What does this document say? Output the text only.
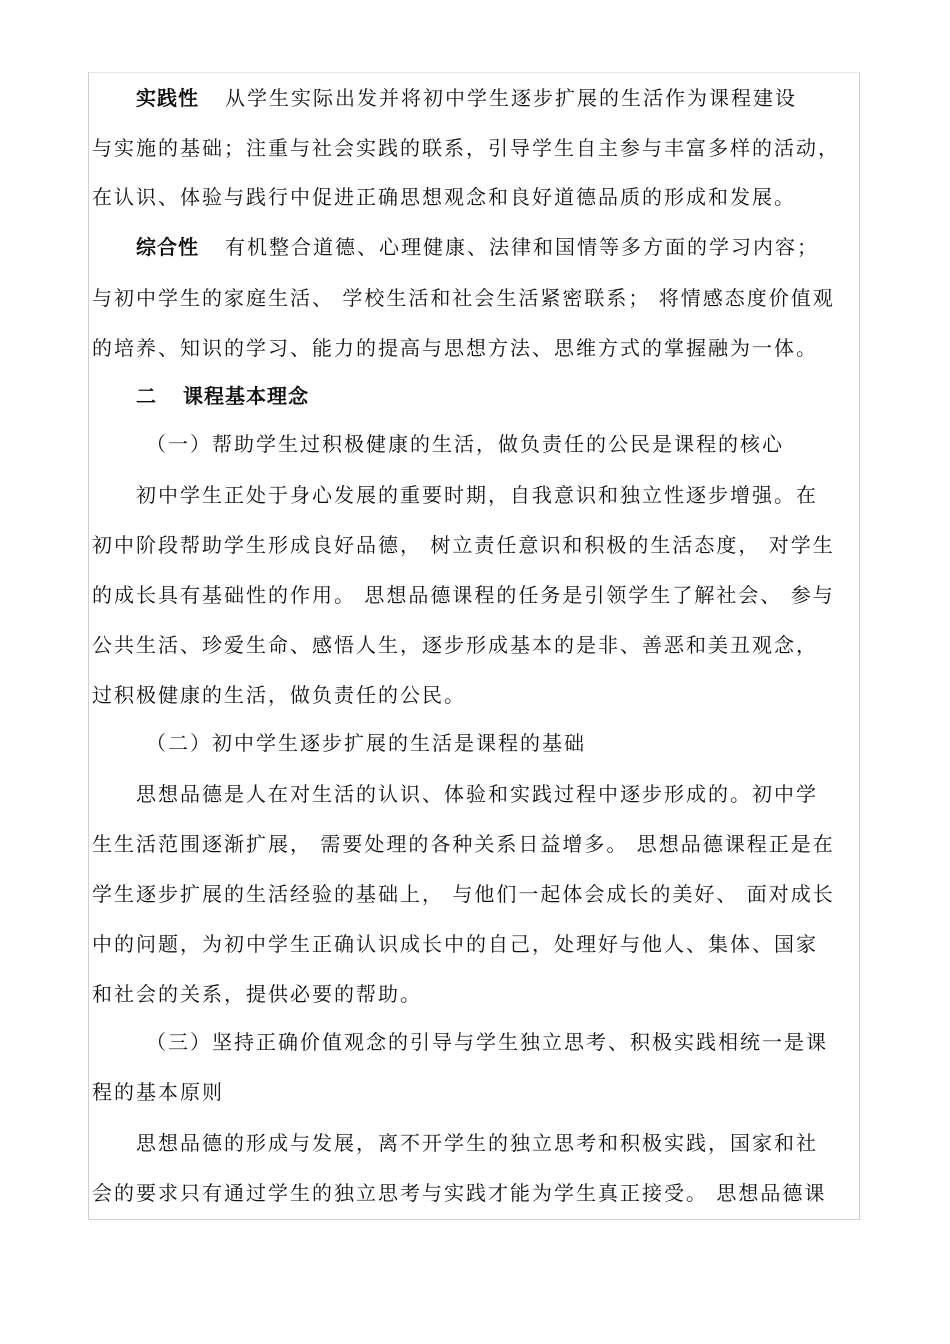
实践性 从学生实际出发并将初中学生逐步扩展的生活作为课程建设
与实施的基础；注重与社会实践的联系，引导学生自主参与丰富多样的活动，
在认识、体验与践行中促进正确思想观念和良好道德品质的形成和发展。
综合性 有机整合道德、心理健康、法律和国情等多方面的学习内容；
与初中学生的家庭生活、 学校生活和社会生活紧密联系； 将情感态度价值观
的培养、知识的学习、能力的提高与思想方法、思维方式的掌握融为一体。
二 课程基本理念
（一）帮助学生过积极健康的生活，做负责任的公民是课程的核心
初中学生正处于身心发展的重要时期，自我意识和独立性逐步增强。在
初中阶段帮助学生形成良好品德， 树立责任意识和积极的生活态度， 对学生
的成长具有基础性的作用。 思想品德课程的任务是引领学生了解社会、 参与
公共生活、珍爱生命、感悟人生，逐步形成基本的是非、善恶和美丑观念，
过积极健康的生活，做负责任的公民。
（二）初中学生逐步扩展的生活是课程的基础
思想品德是人在对生活的认识、体验和实践过程中逐步形成的。初中学
生生活范围逐渐扩展， 需要处理的各种关系日益增多。 思想品德课程正是在
学生逐步扩展的生活经验的基础上， 与他们一起体会成长的美好、 面对成长
中的问题，为初中学生正确认识成长中的自己，处理好与他人、集体、国家
和社会的关系，提供必要的帮助。
（三）坚持正确价值观念的引导与学生独立思考、积极实践相统一是课
程的基本原则
思想品德的形成与发展，离不开学生的独立思考和积极实践，国家和社
会的要求只有通过学生的独立思考与实践才能为学生真正接受。 思想品德课
